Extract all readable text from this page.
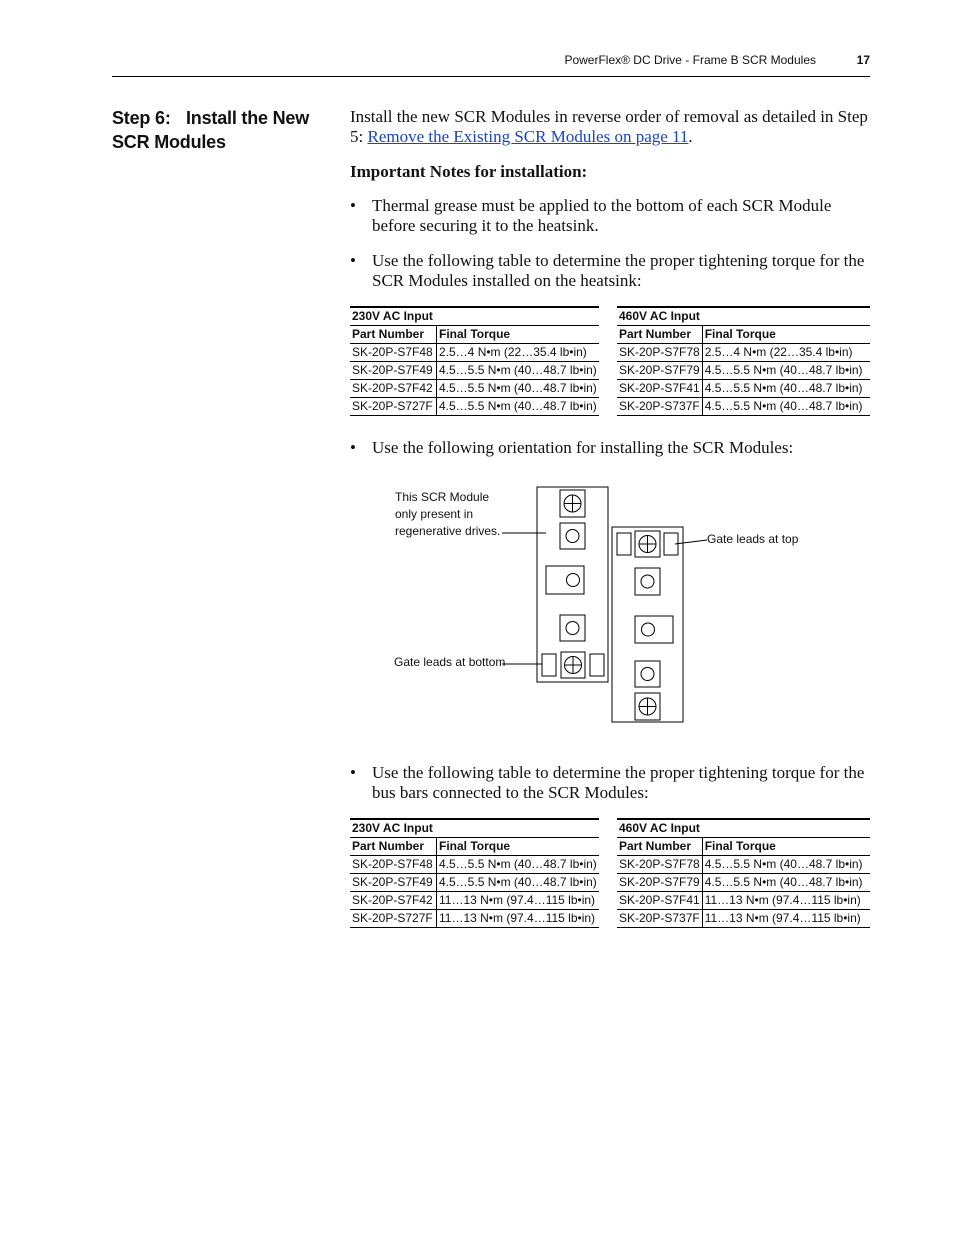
PowerFlex® DC Drive - Frame B SCR Modules	17
Step 6: Install the New
SCR Modules
Install the new SCR Modules in reverse order of removal as detailed in Step 5: Remove the Existing SCR Modules on page 11.
Important Notes for installation:
• Thermal grease must be applied to the bottom of each SCR Module before securing it to the heatsink.
• Use the following table to determine the proper tightening torque for the SCR Modules installed on the heatsink:
230V AC Input	
Part Number	Final Torque
SK-20P-S7F48	2.5…4 N•m (22…35.4 lb•in)
SK-20P-S7F49	4.5…5.5 N•m (40…48.7 lb•in)
SK-20P-S7F42	4.5…5.5 N•m (40…48.7 lb•in)
SK-20P-S727F	4.5…5.5 N•m (40…48.7 lb•in)
460V AC Input	
Part Number	Final Torque
SK-20P-S7F78	2.5…4 N•m (22…35.4 lb•in)
SK-20P-S7F79	4.5…5.5 N•m (40…48.7 lb•in)
SK-20P-S7F41	4.5…5.5 N•m (40…48.7 lb•in)
SK-20P-S737F	4.5…5.5 N•m (40…48.7 lb•in)
• Use the following orientation for installing the SCR Modules:
This SCR Module
only present in
regenerative drives.
Gate leads at top
Gate leads at bottom
• Use the following table to determine the proper tightening torque for the bus bars connected to the SCR Modules:
230V AC Input	
Part Number	Final Torque
SK-20P-S7F48	4.5…5.5 N•m (40…48.7 lb•in)
SK-20P-S7F49	4.5…5.5 N•m (40…48.7 lb•in)
SK-20P-S7F42	11…13 N•m (97.4…115 lb•in)
SK-20P-S727F	11…13 N•m (97.4…115 lb•in)
460V AC Input	
Part Number	Final Torque
SK-20P-S7F78	4.5…5.5 N•m (40…48.7 lb•in)
SK-20P-S7F79	4.5…5.5 N•m (40…48.7 lb•in)
SK-20P-S7F41	11…13 N•m (97.4…115 lb•in)
SK-20P-S737F	11…13 N•m (97.4…115 lb•in)
